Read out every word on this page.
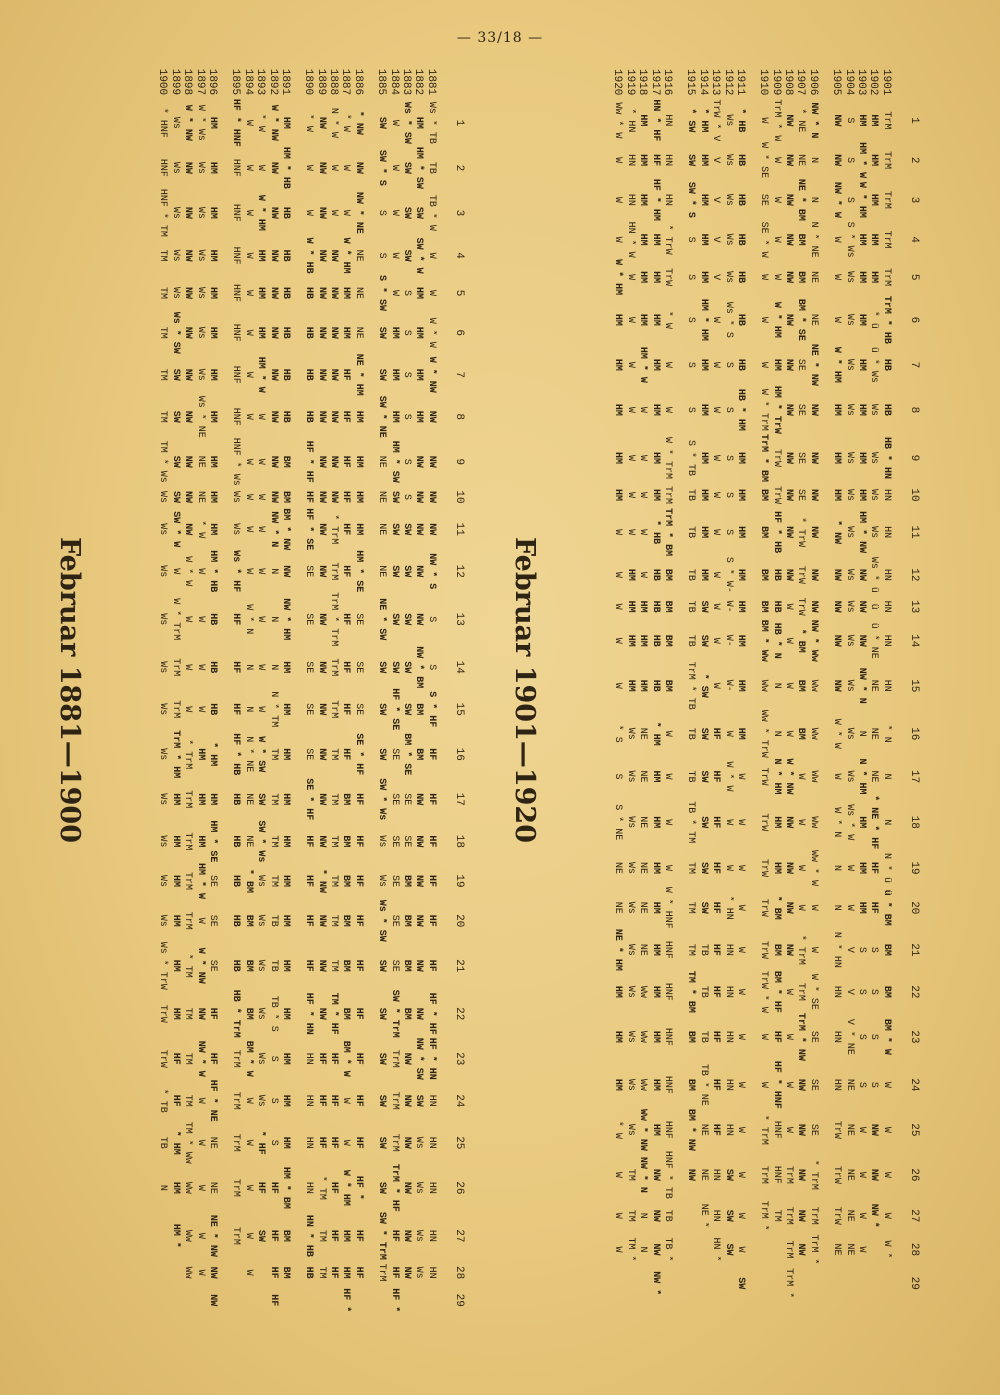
— 33/18 —
	1	2	3	4	5	6	7	8	9	10	11	12	13	14	15	16	17	18	19	20	21	22	23	24	25	26	27	28	29

1881	Ws * TB	TB	TB * W	W	W	W * W	W * NW	NW	NW	NW	NW	NW * S	S	S	S * HF	HF	HF	HF	HF	HF	HF	HF * HF	HF * HN	HN	HN	HN	HN	HN	
1882	HM	HM * SW	SW	SW * W	HM	HM	HM	HM	NW	NW	NW	NW	NW	NW * BM	BM	BM	NW	NW	NW	NW	NW	NW	NW * SW	SW	Ws	Ws	Ws	Ws	
1883	Ws * SW	SW	SW	SW	S	S	S	S	S	S	SW	SW	SW	SW	SW	BM * SE	SE	SE	BM	BM	BM	BM	NW	NW	NW	NW	NW	NW	
1884	W	W	W	W	W	HM	HM	HM	HM * SW	SW	SW	SW	SW	SW	HF * SE	SE	SE	SE	SE	SE	SE	SW * TrM	TrM	TrM	TrM	TrM * HF	HF	HF	HF *
1885	SW	SW * S	S	S	S * SW	SW	SW	SW * NE	NE	NE	NE	NE	NE * SW	SW	SW	SW	SW * Ws	Ws	Ws	Ws * SW	SW	SW	SW	SW	SW	SW	SW * TrM	TrM	

1886	* NW	NW	NW * NE	NE	NE	NE	NE * HM	HM	HM	HM	HM	HM * SE	SE	SE	SE	SE * HF	HF	HF	HF	HF	HF	HF	HF	HF	HF	HF *	HF	HF	
1887	* W	W	W	W * HM	HM	HM	HF	HF	HF	HF	HF	HF	HF	HF	HF	HF	BM	BM	BM	BM	BM	BM	BM * W	W	W	W * HM	HM	HM	HF *
1888	N * W	W	W	NW	NW	NW	NW	NW	NW	NW	* TrM	TrM	TrM * TrM	TrM	TrM	TM	TM	TM	TM	TM	TM	TM * HF	HF	HF	HF	HF	HF	HF	
1889	NW	NW	NW	NW	NW	NW	NW	NW	NW	NW	NW	NW	NW	NW	NW	NW	NW	NW	* NW	NW	NW	NW	HF	HF	HF	* TM	TM	TM	
1890	* W	W	W	W * HB	HB	HB	HB	HB	HF * HF	HF	HF * SE	SE	SE	SE	SE	SE	SE * HF	HF	HF	HF	HF	HF * HN	HN	HN	HN	HN	HN * HB	HB	

1891	HM	HM * HB	HB	HB	HB	HB	HB	HB	BM	BM	BM * NW	NW	NW * HM	HM	HM	HM	HM	HM	HM	HM	HM	HM	HM	HM	HM	HM * BM	BM	BM	
1892	W * NW	NW	NW	NW	NW	NW	NW	NW	NW	NW	NW * N	N	N	N	N * TM	TM	TM	TM	TM	TB	TB	TB * S	S	S	S	HF	HF	HF	HF
1893	* W	W	W * HM	HM	HM	HM	HM * W	W	W	W	W	W	W	W	W	W * SW	SW	SW * Ws	Ws	Ws	Ws	Ws	Ws	Ws	* HF	HF	SW		
1894	W	W	W	W	W	W	W	W	W	W	W	W	W * N	N	N	N * NE	NE	NE	* BM	BM	BM	BM	BM * W	W	W	W	W	W	
1895	HF * HNF	HNF	HNF	HNF	HNF	HNF	HNF	HNF	HNF * Ws	Ws	Ws	Ws * HF	HF	HF	HF	HF * HB	HB	HB	HB	HB	HB	HB * TrM	TrM	TrM	TrM	TrM	TrM		

1896	HM	HM	HM	HM	HM	HM	HM	HM	HM	HM	HM	HM * HB	HB	HB	HB	* HM	HM	HM * SE	SE	SE	SE	HF	HF	HF * NE	NE	NE	NE * NW	NW	NW
1897	W * Ws	Ws	Ws	Ws	Ws	Ws	Ws	Ws * NE	NE	NE	* W	W	W	W	W	HM	HM	HM	HM * W	W	W * NW	NW	NW * W	W	W	W	W	W	
1898	W * NW	NW	NW	NW	NW	NW	NW	NW	NW	NW	NW	W * W	W	W	W	* TrM	TrM	TrM	TrM	TrM	* TM	TM	TM	TM	TM * Ww	Ww	Ww	Ww	
1899	Ws	Ws	Ws	Ws	Ws	Ws * SW	SW	SW	SW	SW	SW * W	W	W * TrM	TrM	TrM	TrM * HM	HM	HM	HM	HM	HM	HM	HF	HF	* HM	HM	HM *		
1900	* HNF	HNF	HNF * TM	TM	TM	TM	TM	TM	TM * Ws	Ws	Ws	Ws	Ws	Ws	Ws	Ws	Ws	Ws	Ws	Ws	Ws * TrW	TrW	TrW	* TB	TB	N			
Februar 1881—1900
	1	2	3	4	5	6	7	8	9	10	11	12	13	14	15	16	17	18	19	20	21	22	23	24	25	26	27	28	29	

1901	TrM	TrM	TrM	TrM	TrM	TrM * HB	HB	HB	HB * HN	HN	HN	HN	HN	HN	HN	* N	N	N	N * ü	ü * BM	BM	BM	BM * W	W	W	W	W	W *		
1902	HM	HM	HM	HM	HM	* ü	ü * Ws	Ws	Ws	Ws	Ws	Ws * ü	ü	ü * NE	NE	NE	NE	* NE * HF	HF	HF	S	S	S	S	NW	NW	NW *			
1903	HM	HM * W	W * HM	HM	HM	HM	HM	HM	HM	HM	HM * NW	NW	NW	NW	NW * N	N	N * HM	HM	HM	HM	S	S	S	S	W	W	W	W		
1904	S	S	S	S * Ws	Ws	Ws	Ws	Ws	Ws	Ws	Ws	Ws	Ws	Ws	Ws	Ws	Ws	Ws * W	W	W	V	V	V * NE	NE	NE	NE	NE	NE		
1905	NW	NW	NW * W	W	W	W	W * HM	HM	HM	HM	* NW	NW	NW	NW	NW	W * W	W	W * N	N	N	N * HN	HN	HN	HN	TrW	TrW	TrW	NE		

1906	NW * N	N	N	N * NE	NE	NE	NE * NW	NW	NW	NW	NW	NW	NW	NW * Ww	Ww	Ww	Ww	Ww	Ww * W	W	W	W * SE	SE	SE	SE	* TrM	TrM	TrM *		
1907	* NE	NE	NE * BM	BM	BM	BM * SE	SE	SE	SE	SE	* TrW	TrW	TrW	* BM	BM	BM	W	W	W	W	* TrM	TrM	TrM * NW	NW	NW	NW	NW	NW		
1908	NW	NW	NW	NW	NW	NW	NW	NW	NW	NW	NW	NW	W	W	W	W	W * NW	NW	NW	NW	NW	W	W	W	W	TrM	TrM	TrM	TrM *	
1909	TrM * W	W	W	W	W	W * HM	HM	HM * TrW	TrW	TrW	HF * HB	HB	HB	HB * N	N	N	N * HM	HM	HM	* BM	BM	BM * HF	HF	HF * HNF	HNF	HNF	TM			
1910	W	W * SE	SE	SE * W	W	W	W	W * TrM	TrM * BM	BM	BM	BM	BM	BM * Ww	Ww	Ww * TrW	TrW	TrW	TrW	TrW	TrW	TrW * W	W	W	* TrM	TrM	TrM *			

1911	* HB	HB	HB	HB	HB	HB	HB	HB * HM	HM	HM	HM	HM	HM	HM	HM	HM	W	W	W	W	W	W	W	W	W	W	W	W	SW	
1912	Ws	Ws	Ws	Ws	Ws	Ws * S	S	S	S	S	S	S * W-	W-	W-	W-	W	W * W	W	W	* HN	HN	HN	HN	HN	HN	SW	SW	SW		
1913	TrW * V	V	V	V	V	W	W	W	W	W	W	W	W	W	W	HF	HF	HF	HF	HF	HF	HF	HF	HF	HF	HN	HN	HN *		
1914	* HM	HM	HM	HM	HM	HM * HM	HM	HM	HM	HM	HM	HM	SW	SW	* SW	SW	SW	SW	SW	SW	TB	TB	TB	TB * NE	NE	NE	NE *			
1915	* SW	SW	SW * S	S	S	S	S	S	S * TB	TB	TB	TB	TB	TB	TrM * TB	TB	TB	TB * TM	TM	TM	TM	TM * BM	BM	BM	BM * NW	NW				

1916	HN	HN	HN	* TrW	TrW	* W	W	W	W * TrM	TrM	TrM * BM	BM	BM	BM	BM	W	W	W	W	W * HNF	HNF	HNF	HNF	HNF	HNF	HNF * TB	TB	TB *		
1917	HN * HF	HF	HF * HM	HM	HM	HM	HM	HM	HM	HM	* HB	HB	HB	HB	HB	* HM	HM	HM	HM	HM	HM	HM	HM	HM	HM	NW	NW	NW	NW *	
1918	HM	HM	HM	HM	HM	HM	HM * W	W	W	W	W	W	HM	HM	HM	NE	NE	NE	NE	NE	NE	Ww	Ww	Ww	Ww * NW	NW * N	N	N		
1919	* HN	HN	HN	HN * W	W	W	W	W	W	W	W	HM	HM	HM	HM	Ws	Ws	Ws	Ws	Ws	Ws	Ws	Ws	Ws	Ws	TM	TM	TM *		
1920	Ww * W	W	W	W	W * HM	HM	HM	HM	HM	HM	W	W	W	W	W	* S	S	S * NE	NE	NE	NE * HM	HM	HM	HM	* W	W	W	W		
Februar 1901—1920
